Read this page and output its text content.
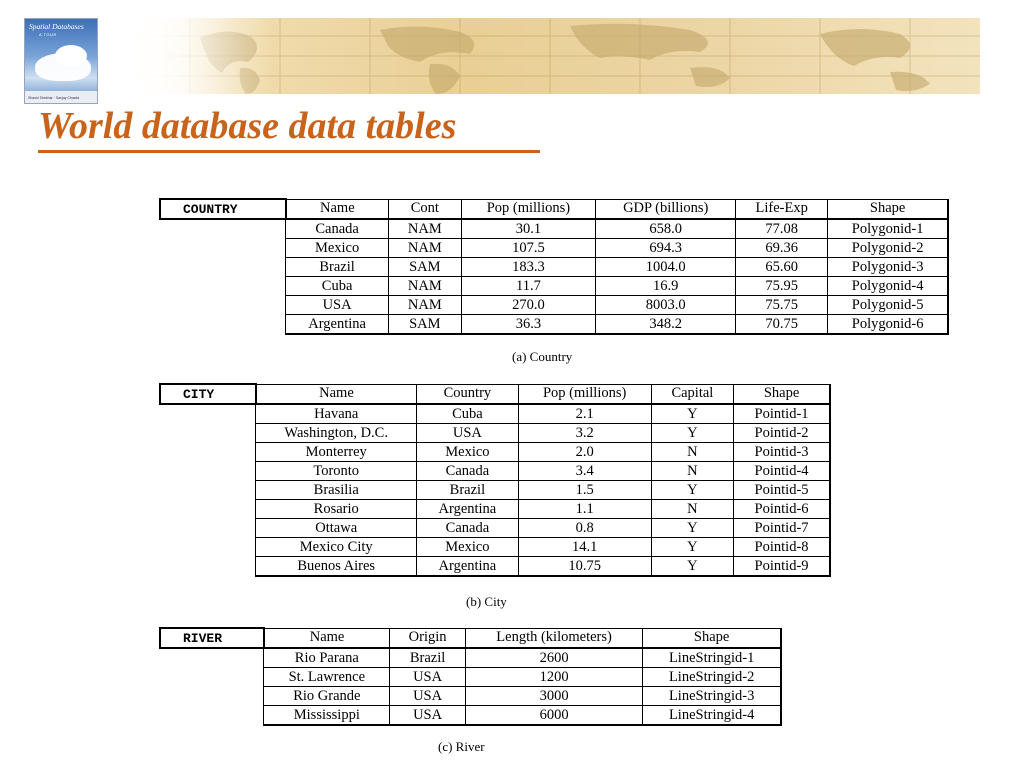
Spatial Databases
A TOUR
Shashi Shekhar · Sanjay Chawla
World database data tables
COUNTRY	Name	Cont	Pop (millions)	GDP (billions)	Life-Exp	Shape
	Canada	NAM	30.1	658.0	77.08	Polygonid-1
	Mexico	NAM	107.5	694.3	69.36	Polygonid-2
	Brazil	SAM	183.3	1004.0	65.60	Polygonid-3
	Cuba	NAM	11.7	16.9	75.95	Polygonid-4
	USA	NAM	270.0	8003.0	75.75	Polygonid-5
	Argentina	SAM	36.3	348.2	70.75	Polygonid-6
(a) Country
CITY	Name	Country	Pop (millions)	Capital	Shape
	Havana	Cuba	2.1	Y	Pointid-1
	Washington, D.C.	USA	3.2	Y	Pointid-2
	Monterrey	Mexico	2.0	N	Pointid-3
	Toronto	Canada	3.4	N	Pointid-4
	Brasilia	Brazil	1.5	Y	Pointid-5
	Rosario	Argentina	1.1	N	Pointid-6
	Ottawa	Canada	0.8	Y	Pointid-7
	Mexico City	Mexico	14.1	Y	Pointid-8
	Buenos Aires	Argentina	10.75	Y	Pointid-9
(b) City
RIVER	Name	Origin	Length (kilometers)	Shape
	Rio Parana	Brazil	2600	LineStringid-1
	St. Lawrence	USA	1200	LineStringid-2
	Rio Grande	USA	3000	LineStringid-3
	Mississippi	USA	6000	LineStringid-4
(c) River
